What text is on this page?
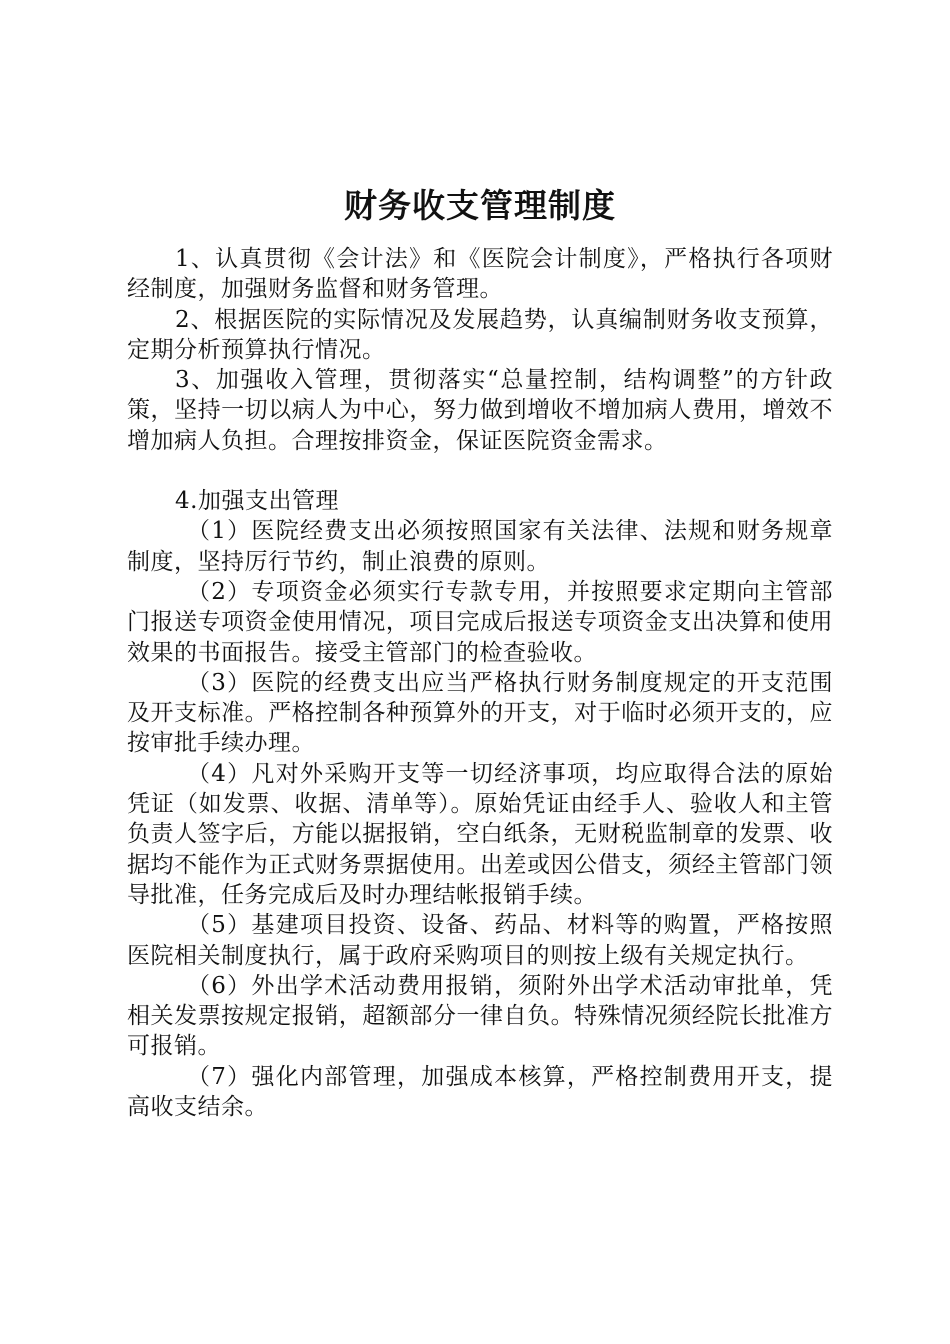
财务收支管理制度

1、认真贯彻《会计法》和《医院会计制度》，严格执行各项财经制度，加强财务监督和财务管理。

2、根据医院的实际情况及发展趋势，认真编制财务收支预算，定期分析预算执行情况。

3、加强收入管理，贯彻落实“总量控制，结构调整”的方针政策，坚持一切以病人为中心，努力做到增收不增加病人费用，增效不增加病人负担。合理按排资金，保证医院资金需求。

4.加强支出管理

（1）医院经费支出必须按照国家有关法律、法规和财务规章制度，坚持厉行节约，制止浪费的原则。

（2）专项资金必须实行专款专用，并按照要求定期向主管部门报送专项资金使用情况，项目完成后报送专项资金支出决算和使用效果的书面报告。接受主管部门的检查验收。

（3）医院的经费支出应当严格执行财务制度规定的开支范围及开支标准。严格控制各种预算外的开支，对于临时必须开支的，应按审批手续办理。

（4）凡对外采购开支等一切经济事项，均应取得合法的原始凭证（如发票、收据、清单等）。原始凭证由经手人、验收人和主管负责人签字后，方能以据报销，空白纸条，无财税监制章的发票、收据均不能作为正式财务票据使用。出差或因公借支，须经主管部门领导批准，任务完成后及时办理结帐报销手续。

（5）基建项目投资、设备、药品、材料等的购置，严格按照医院相关制度执行，属于政府采购项目的则按上级有关规定执行。

（6）外出学术活动费用报销，须附外出学术活动审批单，凭相关发票按规定报销，超额部分一律自负。特殊情况须经院长批准方可报销。

（7）强化内部管理，加强成本核算，严格控制费用开支，提高收支结余。
